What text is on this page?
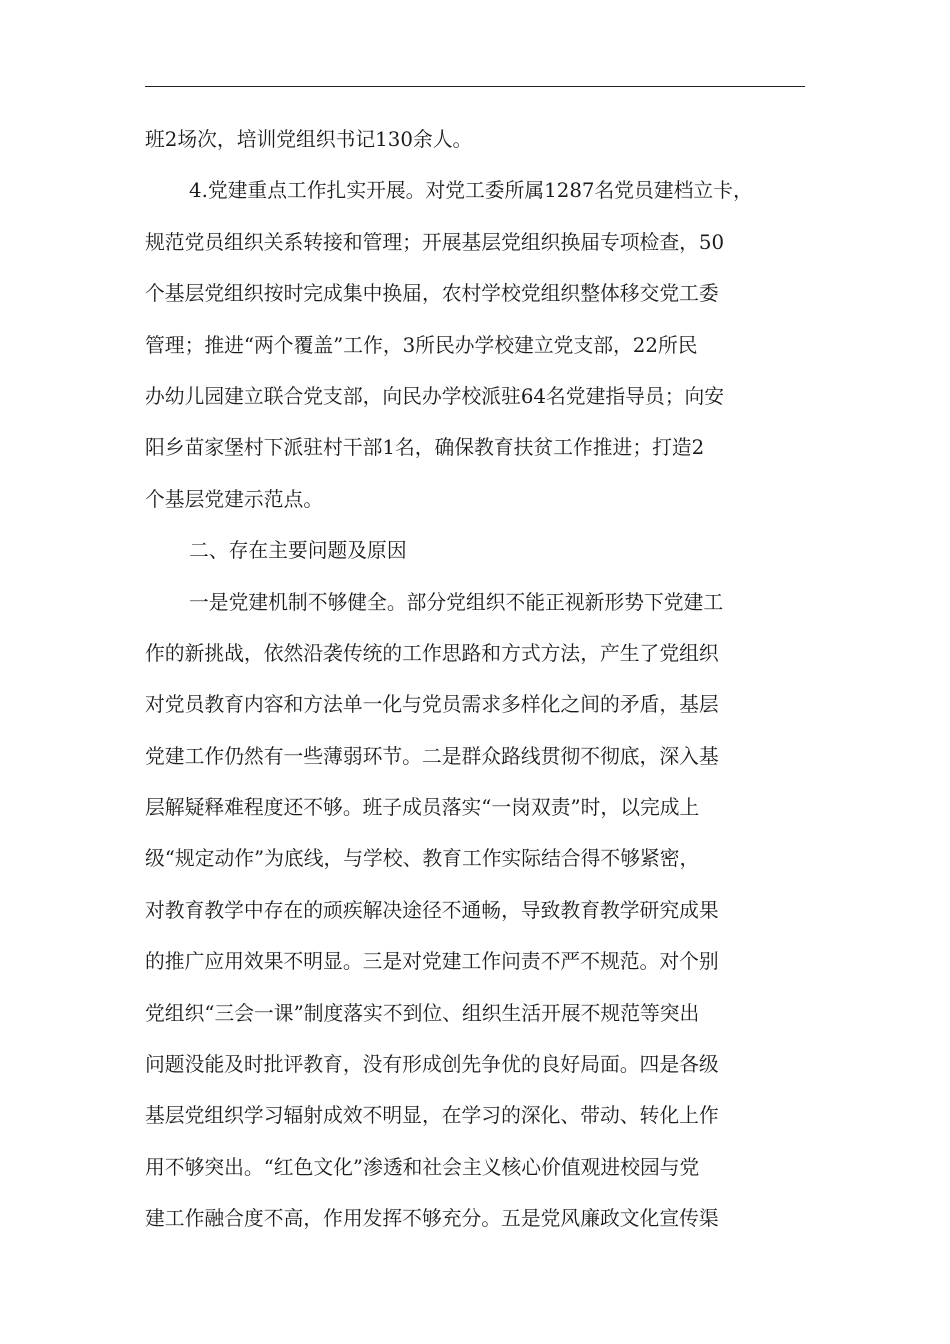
班2场次，培训党组织书记130余人。
4.党建重点工作扎实开展。对党工委所属1287名党员建档立卡，
规范党员组织关系转接和管理；开展基层党组织换届专项检查，50
个基层党组织按时完成集中换届，农村学校党组织整体移交党工委
管理；推进“两个覆盖”工作，3所民办学校建立党支部，22所民
办幼儿园建立联合党支部，向民办学校派驻64名党建指导员；向安
阳乡苗家堡村下派驻村干部1名，确保教育扶贫工作推进；打造2
个基层党建示范点。
二、存在主要问题及原因
一是党建机制不够健全。部分党组织不能正视新形势下党建工
作的新挑战，依然沿袭传统的工作思路和方式方法，产生了党组织
对党员教育内容和方法单一化与党员需求多样化之间的矛盾，基层
党建工作仍然有一些薄弱环节。二是群众路线贯彻不彻底，深入基
层解疑释难程度还不够。班子成员落实“一岗双责”时，以完成上
级“规定动作”为底线，与学校、教育工作实际结合得不够紧密，
对教育教学中存在的顽疾解决途径不通畅，导致教育教学研究成果
的推广应用效果不明显。三是对党建工作问责不严不规范。对个别
党组织“三会一课”制度落实不到位、组织生活开展不规范等突出
问题没能及时批评教育，没有形成创先争优的良好局面。四是各级
基层党组织学习辐射成效不明显，在学习的深化、带动、转化上作
用不够突出。“红色文化”渗透和社会主义核心价值观进校园与党
建工作融合度不高，作用发挥不够充分。五是党风廉政文化宣传渠
